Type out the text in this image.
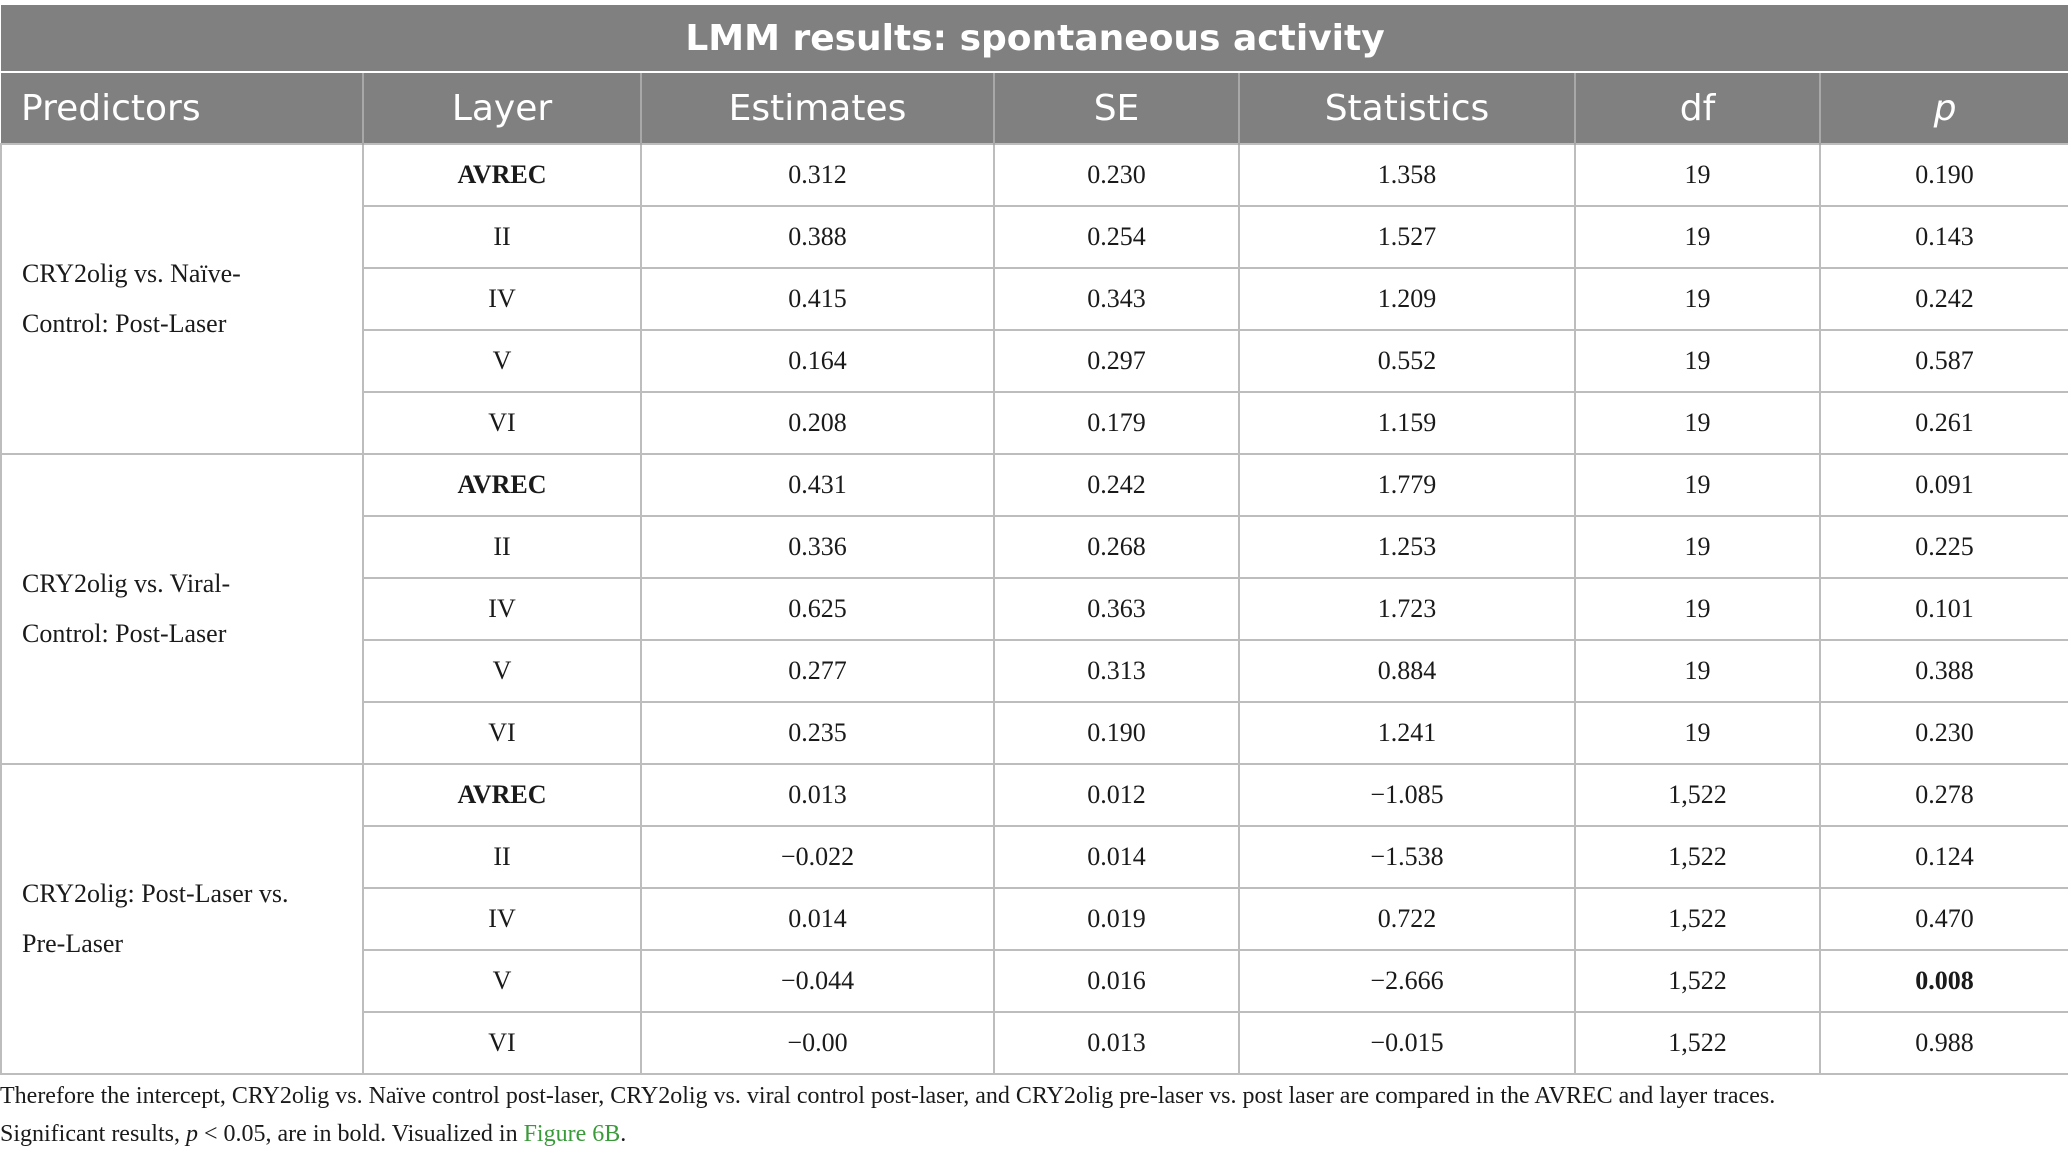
LMM results: spontaneous activity						
Predictors	Layer	Estimates	SE	Statistics	df	p

CRY2olig vs. Naïve-
Control: Post-Laser	AVREC	0.312	0.230	1.358	19	0.190
	II	0.388	0.254	1.527	19	0.143
	IV	0.415	0.343	1.209	19	0.242
	V	0.164	0.297	0.552	19	0.587
	VI	0.208	0.179	1.159	19	0.261

CRY2olig vs. Viral-
Control: Post-Laser	AVREC	0.431	0.242	1.779	19	0.091
	II	0.336	0.268	1.253	19	0.225
	IV	0.625	0.363	1.723	19	0.101
	V	0.277	0.313	0.884	19	0.388
	VI	0.235	0.190	1.241	19	0.230

CRY2olig: Post-Laser vs.
Pre-Laser	AVREC	0.013	0.012	−1.085	1,522	0.278
	II	−0.022	0.014	−1.538	1,522	0.124
	IV	0.014	0.019	0.722	1,522	0.470
	V	−0.044	0.016	−2.666	1,522	0.008
	VI	−0.00	0.013	−0.015	1,522	0.988
Therefore the intercept, CRY2olig vs. Naïve control post-laser, CRY2olig vs. viral control post-laser, and CRY2olig pre-laser vs. post laser are compared in the AVREC and layer traces.
Significant results, p < 0.05, are in bold. Visualized in Figure 6B.
